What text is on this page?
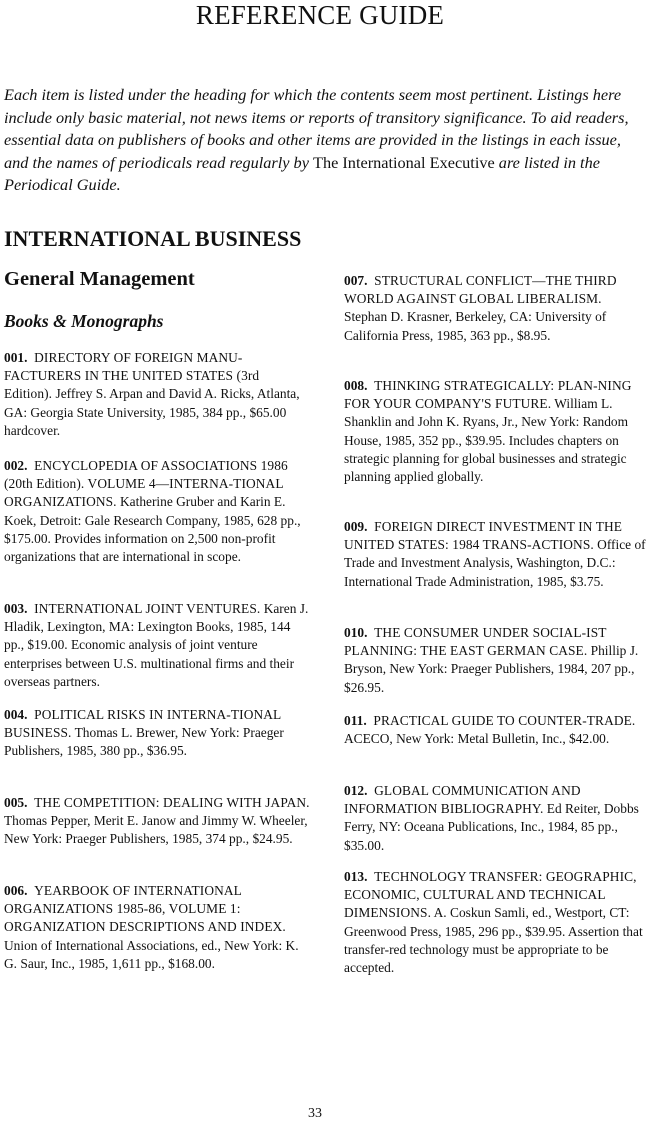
REFERENCE GUIDE

Each item is listed under the heading for which the contents seem most pertinent. Listings here include only basic material, not news items or reports of transitory significance. To aid readers, essential data on publishers of books and other items are provided in the listings in each issue, and the names of periodicals read regularly by The International Executive are listed in the Periodical Guide.

INTERNATIONAL BUSINESS
General Management
Books & Monographs

001. DIRECTORY OF FOREIGN MANU-FACTURERS IN THE UNITED STATES (3rd Edition). Jeffrey S. Arpan and David A. Ricks, Atlanta, GA: Georgia State University, 1985, 384 pp., $65.00 hardcover.

002. ENCYCLOPEDIA OF ASSOCIATIONS 1986 (20th Edition). VOLUME 4—INTERNA-TIONAL ORGANIZATIONS. Katherine Gruber and Karin E. Koek, Detroit: Gale Research Company, 1985, 628 pp., $175.00. Provides information on 2,500 non-profit organizations that are international in scope.

003. INTERNATIONAL JOINT VENTURES. Karen J. Hladik, Lexington, MA: Lexington Books, 1985, 144 pp., $19.00. Economic analysis of joint venture enterprises between U.S. multinational firms and their overseas partners.

004. POLITICAL RISKS IN INTERNA-TIONAL BUSINESS. Thomas L. Brewer, New York: Praeger Publishers, 1985, 380 pp., $36.95.

005. THE COMPETITION: DEALING WITH JAPAN. Thomas Pepper, Merit E. Janow and Jimmy W. Wheeler, New York: Praeger Publishers, 1985, 374 pp., $24.95.

006. YEARBOOK OF INTERNATIONAL ORGANIZATIONS 1985-86, VOLUME 1: ORGANIZATION DESCRIPTIONS AND INDEX. Union of International Associations, ed., New York: K. G. Saur, Inc., 1985, 1,611 pp., $168.00.

007. STRUCTURAL CONFLICT—THE THIRD WORLD AGAINST GLOBAL LIBERALISM. Stephan D. Krasner, Berkeley, CA: University of California Press, 1985, 363 pp., $8.95.

008. THINKING STRATEGICALLY: PLAN-NING FOR YOUR COMPANY'S FUTURE. William L. Shanklin and John K. Ryans, Jr., New York: Random House, 1985, 352 pp., $39.95. Includes chapters on strategic planning for global businesses and strategic planning applied globally.

009. FOREIGN DIRECT INVESTMENT IN THE UNITED STATES: 1984 TRANS-ACTIONS. Office of Trade and Investment Analysis, Washington, D.C.: International Trade Administration, 1985, $3.75.

010. THE CONSUMER UNDER SOCIAL-IST PLANNING: THE EAST GERMAN CASE. Phillip J. Bryson, New York: Praeger Publishers, 1984, 207 pp., $26.95.

011. PRACTICAL GUIDE TO COUNTER-TRADE. ACECO, New York: Metal Bulletin, Inc., $42.00.

012. GLOBAL COMMUNICATION AND INFORMATION BIBLIOGRAPHY. Ed Reiter, Dobbs Ferry, NY: Oceana Publications, Inc., 1984, 85 pp., $35.00.

013. TECHNOLOGY TRANSFER: GEOGRAPHIC, ECONOMIC, CULTURAL AND TECHNICAL DIMENSIONS. A. Coskun Samli, ed., Westport, CT: Greenwood Press, 1985, 296 pp., $39.95. Assertion that transfer-red technology must be appropriate to be accepted.

33
